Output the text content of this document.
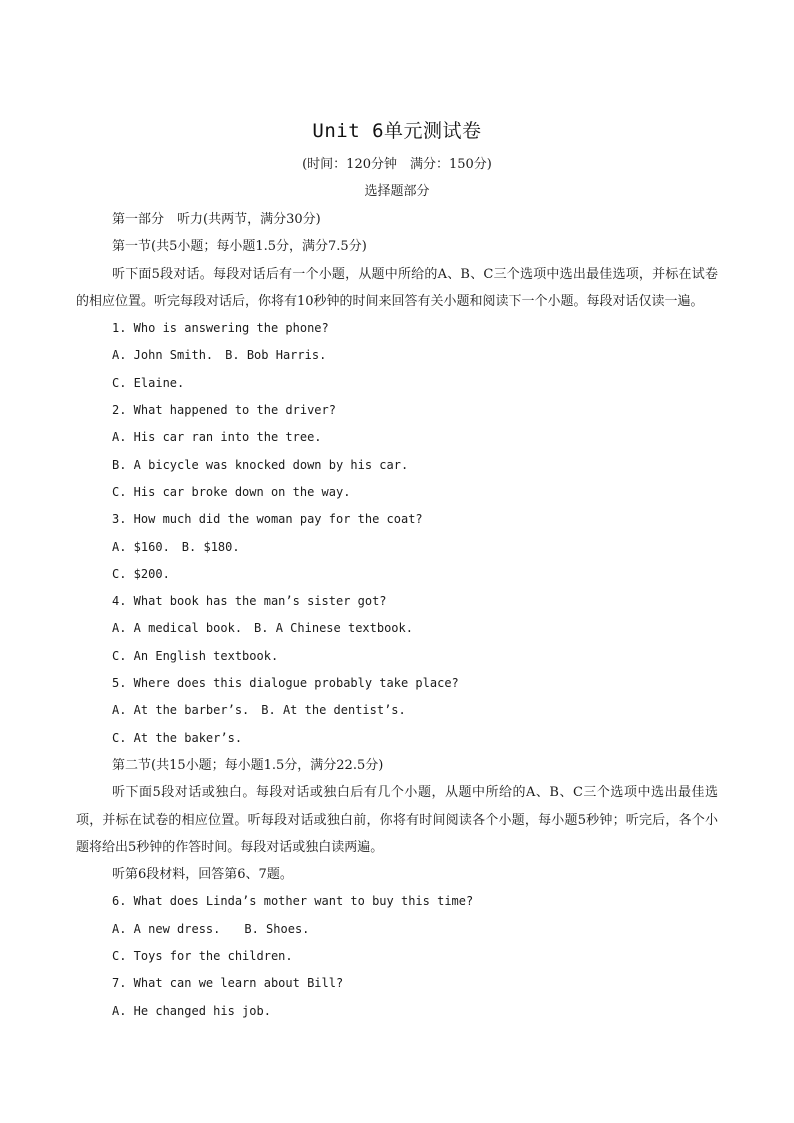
Unit 6单元测试卷
(时间：120分钟　满分：150分)
选择题部分
第一部分　听力(共两节，满分30分)
第一节(共5小题；每小题1.5分，满分7.5分)
听下面5段对话。每段对话后有一个小题，从题中所给的A、B、C三个选项中选出最佳选项，并标在试卷的相应位置。听完每段对话后，你将有10秒钟的时间来回答有关小题和阅读下一个小题。每段对话仅读一遍。
1. Who is answering the phone?
A. John Smith.　B. Bob Harris.
C. Elaine.
2. What happened to the driver?
A. His car ran into the tree.
B. A bicycle was knocked down by his car.
C. His car broke down on the way.
3. How much did the woman pay for the coat?
A. $160.　B. $180.
C. $200.
4. What book has the man’s sister got?
A. A medical book.　B. A Chinese textbook.
C. An English textbook.
5. Where does this dialogue probably take place?
A. At the barber’s.　B. At the dentist’s.
C. At the baker’s.
第二节(共15小题；每小题1.5分，满分22.5分)
听下面5段对话或独白。每段对话或独白后有几个小题，从题中所给的A、B、C三个选项中选出最佳选项，并标在试卷的相应位置。听每段对话或独白前，你将有时间阅读各个小题，每小题5秒钟；听完后，各个小题将给出5秒钟的作答时间。每段对话或独白读两遍。
听第6段材料，回答第6、7题。
6. What does Linda’s mother want to buy this time?
A. A new dress.　　B. Shoes.
C. Toys for the children.
7. What can we learn about Bill?
A. He changed his job.
